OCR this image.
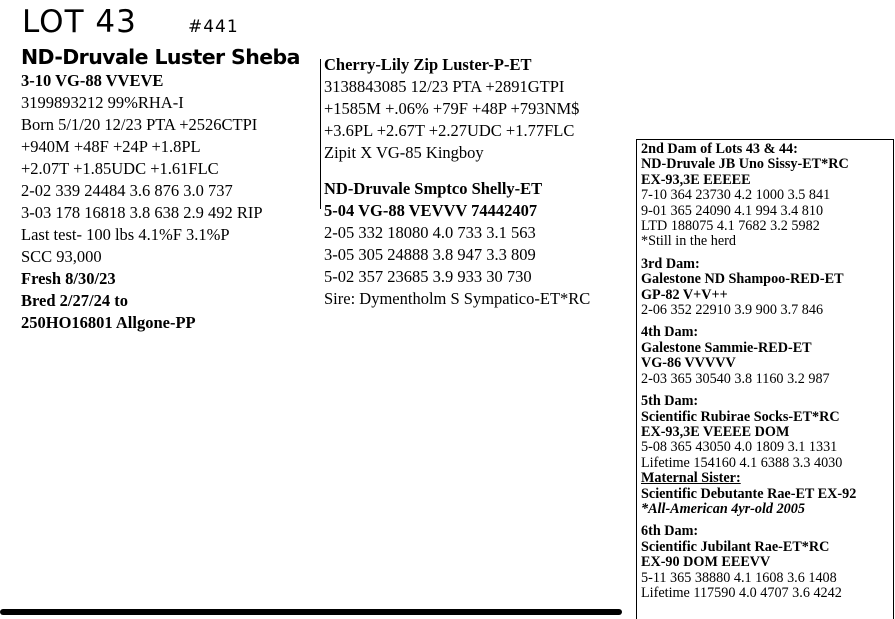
LOT 43	#441
ND-Druvale Luster Sheba
3-10 VG-88 VVEVE
3199893212 99%RHA-I
Born 5/1/20 12/23 PTA +2526CTPI
+940M +48F +24P +1.8PL
+2.07T +1.85UDC +1.61FLC
2-02 339 24484 3.6 876 3.0 737
3-03 178 16818 3.8 638 2.9 492 RIP
Last test- 100 lbs 4.1%F 3.1%P
SCC 93,000
Fresh 8/30/23
Bred 2/27/24 to
250HO16801 Allgone-PP
Cherry-Lily Zip Luster-P-ET
3138843085 12/23 PTA +2891GTPI
+1585M +.06% +79F +48P +793NM$
+3.6PL +2.67T +2.27UDC +1.77FLC
Zipit X VG-85 Kingboy
ND-Druvale Smptco Shelly-ET
5-04 VG-88 VEVVV 74442407
2-05 332 18080 4.0 733 3.1 563
3-05 305 24888 3.8 947 3.3 809
5-02 357 23685 3.9 933 30 730
Sire: Dymentholm S Sympatico-ET*RC
2nd Dam of Lots 43 & 44:
ND-Druvale JB Uno Sissy-ET*RC
EX-93,3E EEEEE
7-10 364 23730 4.2 1000 3.5 841
9-01 365 24090 4.1 994 3.4 810
LTD 188075 4.1 7682 3.2 5982
*Still in the herd
3rd Dam:
Galestone ND Shampoo-RED-ET
GP-82 V+V++
2-06 352 22910 3.9 900 3.7 846
4th Dam:
Galestone Sammie-RED-ET
VG-86 VVVVV
2-03 365 30540 3.8 1160 3.2 987
5th Dam:
Scientific Rubirae Socks-ET*RC
EX-93,3E VEEEE DOM
5-08 365 43050 4.0 1809 3.1 1331
Lifetime 154160 4.1 6388 3.3 4030
Maternal Sister:
Scientific Debutante Rae-ET EX-92
*All-American 4yr-old 2005
6th Dam:
Scientific Jubilant Rae-ET*RC
EX-90 DOM EEEVV
5-11 365 38880 4.1 1608 3.6 1408
Lifetime 117590 4.0 4707 3.6 4242
